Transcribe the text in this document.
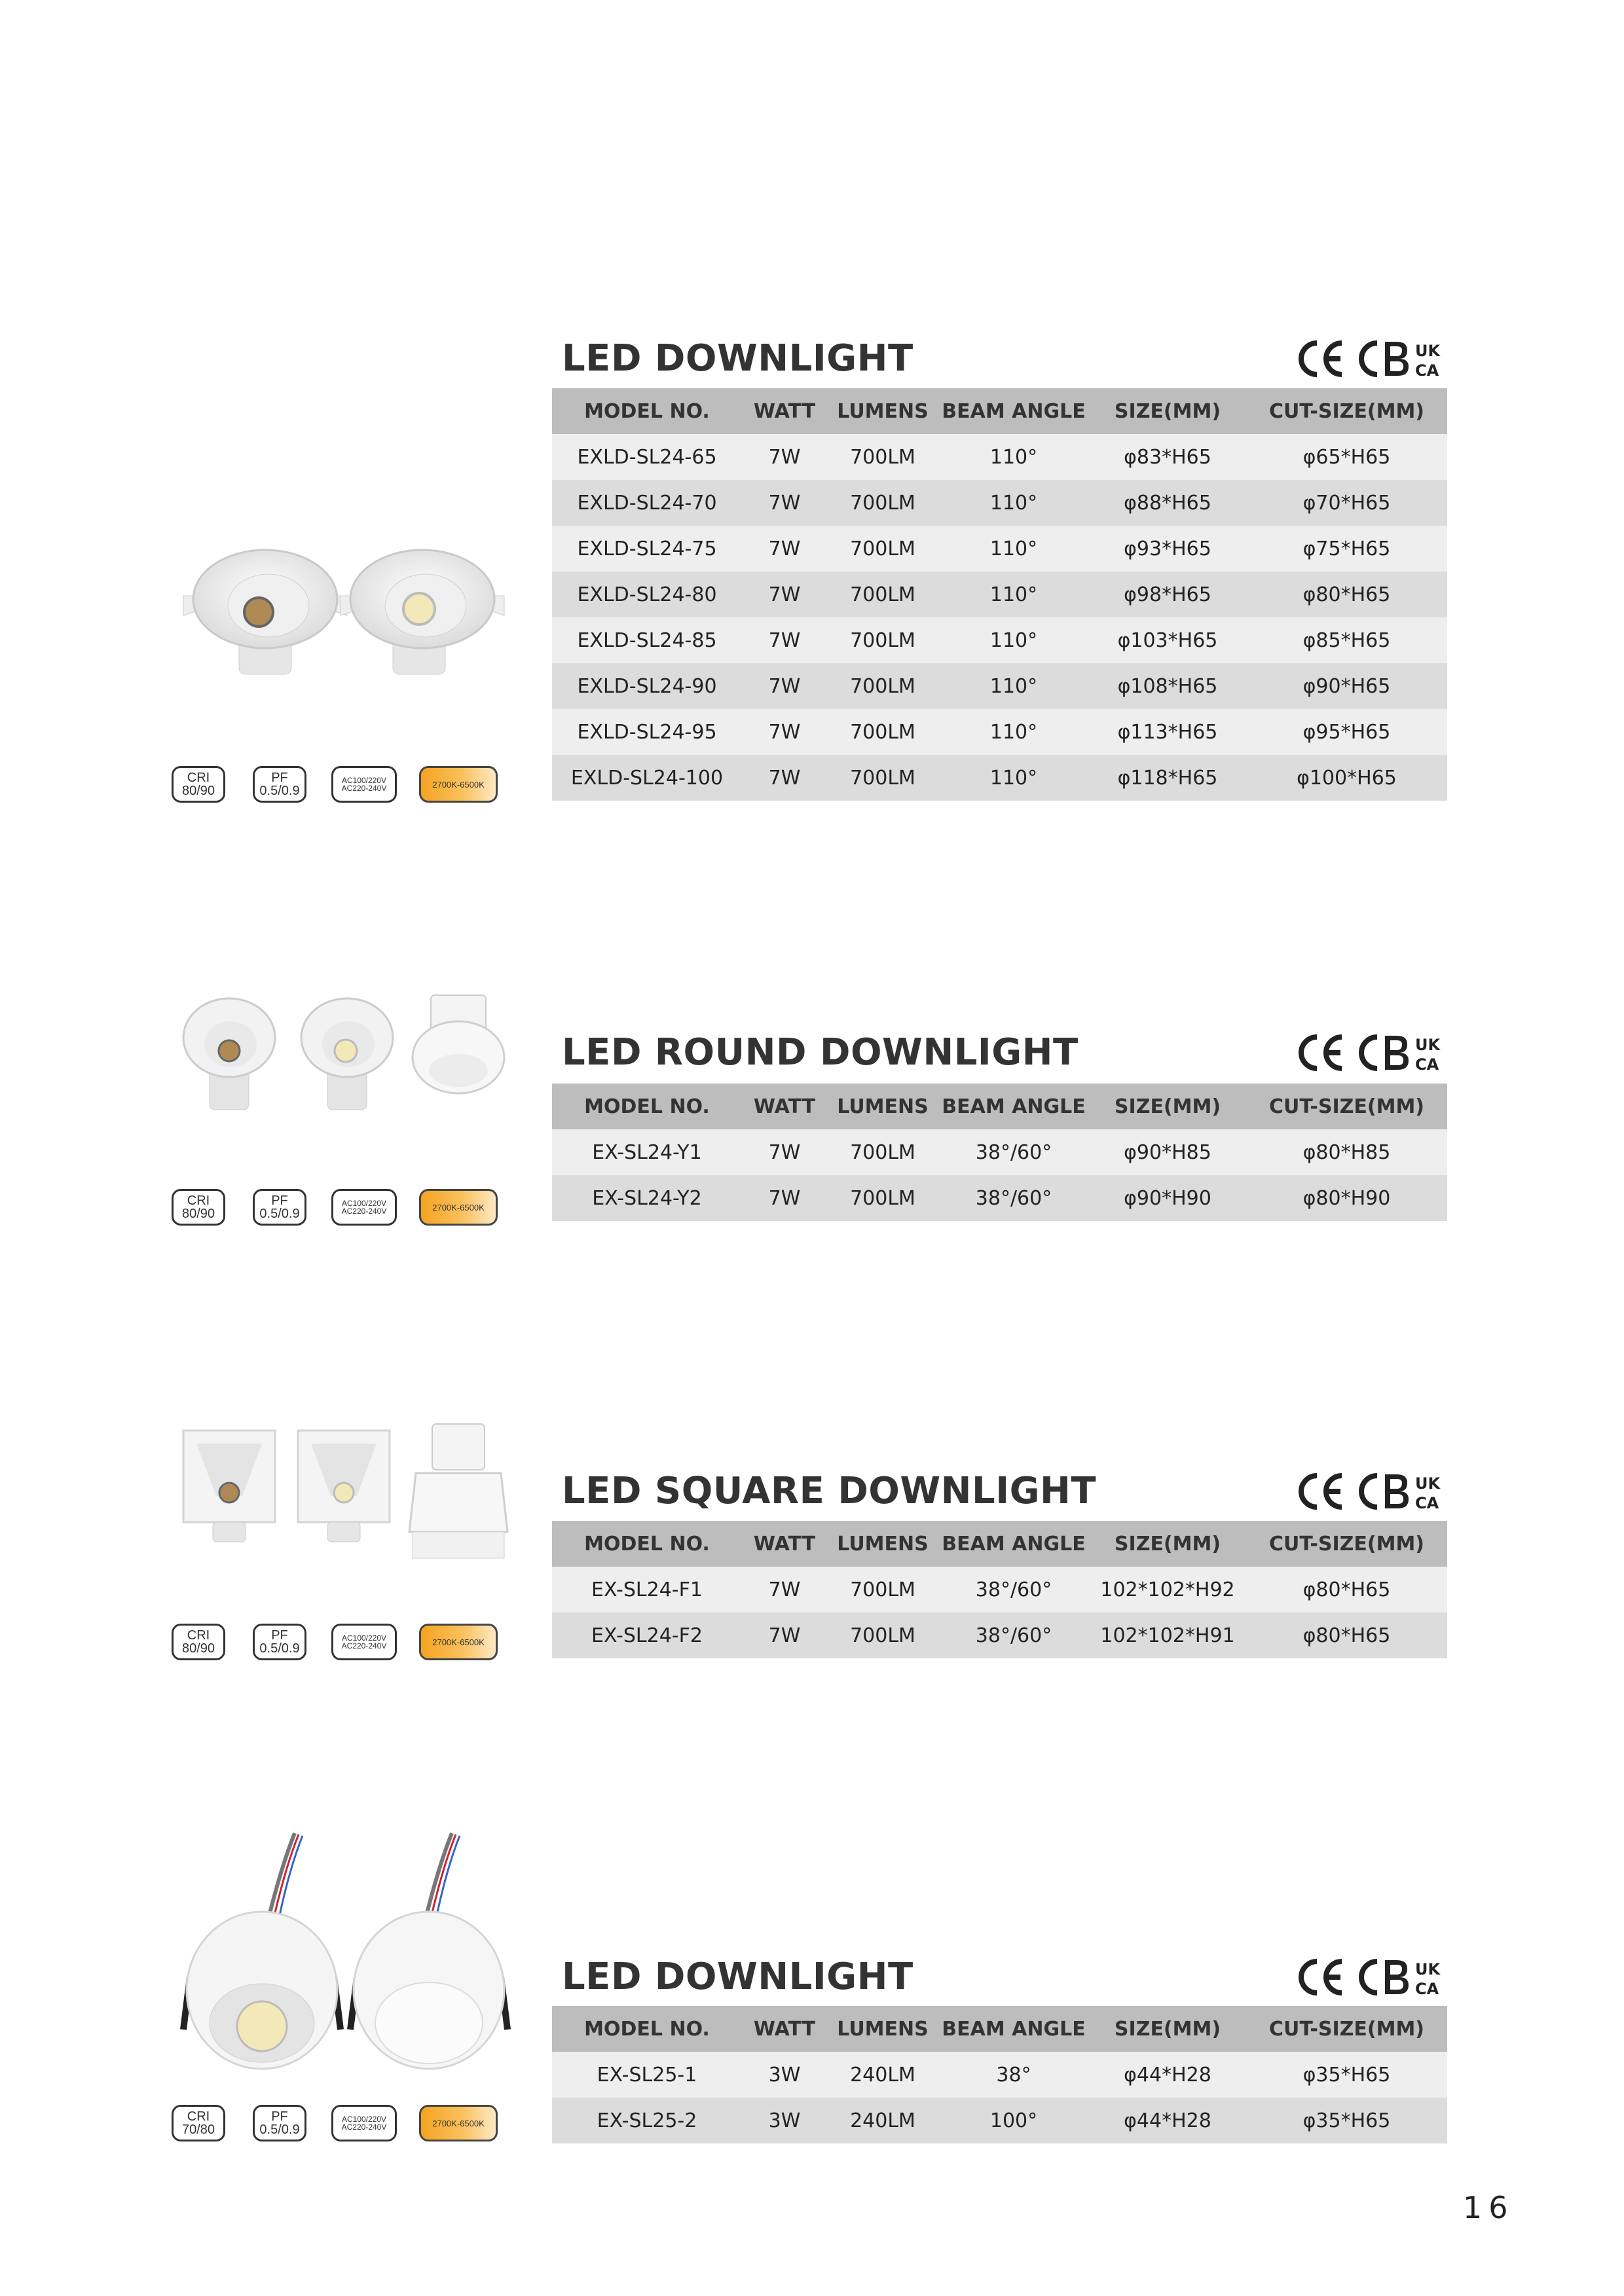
LED DOWNLIGHT	UK
CA
MODEL NO.	WATT	LUMENS	BEAM ANGLE	SIZE(MM)	CUT-SIZE(MM)
EXLD-SL24-65	7W	700LM	110°	φ83*H65	φ65*H65
EXLD-SL24-70	7W	700LM	110°	φ88*H65	φ70*H65
EXLD-SL24-75	7W	700LM	110°	φ93*H65	φ75*H65
EXLD-SL24-80	7W	700LM	110°	φ98*H65	φ80*H65
EXLD-SL24-85	7W	700LM	110°	φ103*H65	φ85*H65
EXLD-SL24-90	7W	700LM	110°	φ108*H65	φ90*H65
EXLD-SL24-95	7W	700LM	110°	φ113*H65	φ95*H65
EXLD-SL24-100	7W	700LM	110°	φ118*H65	φ100*H65
CRI
80/90
PF
0.5/0.9
AC100/220V
AC220-240V	2700K-6500K
LED ROUND DOWNLIGHT	UK
CA
MODEL NO.	WATT	LUMENS	BEAM ANGLE	SIZE(MM)	CUT-SIZE(MM)
EX-SL24-Y1	7W	700LM	38°/60°	φ90*H85	φ80*H85
EX-SL24-Y2	7W	700LM	38°/60°	φ90*H90	φ80*H90
CRI
80/90
PF
0.5/0.9
AC100/220V
AC220-240V	2700K-6500K
LED SQUARE DOWNLIGHT	UK
CA
MODEL NO.	WATT	LUMENS	BEAM ANGLE	SIZE(MM)	CUT-SIZE(MM)
EX-SL24-F1	7W	700LM	38°/60°	102*102*H92	φ80*H65
EX-SL24-F2	7W	700LM	38°/60°	102*102*H91	φ80*H65
CRI
80/90
PF
0.5/0.9
AC100/220V
AC220-240V	2700K-6500K
LED DOWNLIGHT	UK
CA
MODEL NO.	WATT	LUMENS	BEAM ANGLE	SIZE(MM)	CUT-SIZE(MM)
EX-SL25-1	3W	240LM	38°	φ44*H28	φ35*H65
EX-SL25-2	3W	240LM	100°	φ44*H28	φ35*H65
CRI
70/80
PF
0.5/0.9
AC100/220V
AC220-240V	2700K-6500K
16
